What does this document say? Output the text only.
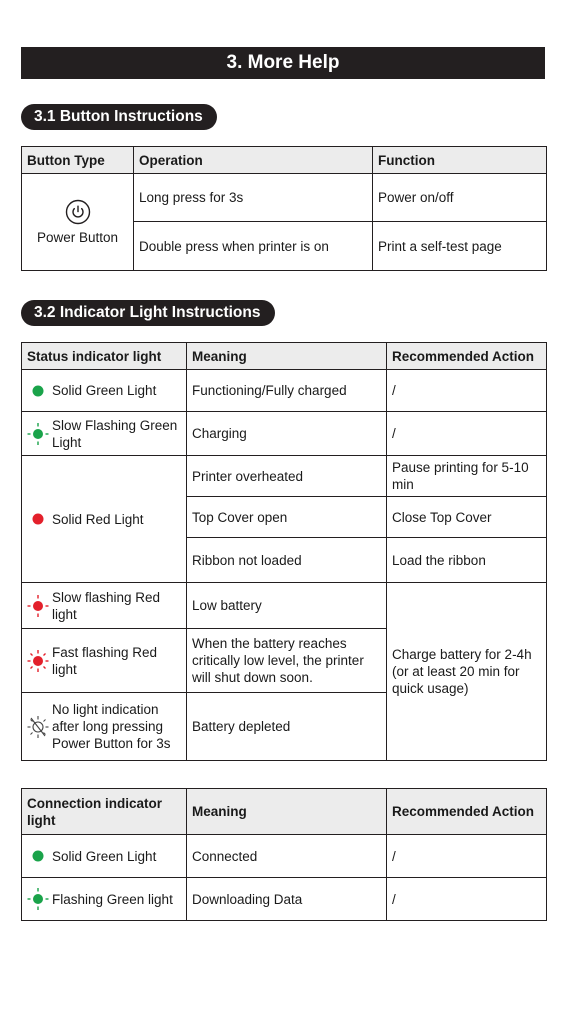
3. More Help
3.1 Button Instructions
Button Type	Operation	Function

Power Button	Long press for 3s	Power on/off
	Double press when printer is on	Print a self-test page
3.2 Indicator Light Instructions
Status indicator light	Meaning	Recommended Action

Solid Green Light	Functioning/Fully charged	/

Slow Flashing Green Light	Charging	/

Solid Red Light	Printer overheated	Pause printing for 5-10 min
	Top Cover open	Close Top Cover
	Ribbon not loaded	Load the ribbon

Slow flashing Red light	Low battery	Charge battery for 2-4h (or at least 20 min for quick usage)

Fast flashing Red light	When the battery reaches critically low level, the printer will shut down soon.	

No light indication after long pressing Power Button for 3s	Battery depleted	
Connection indicator light	Meaning	Recommended Action

Solid Green Light	Connected	/

Flashing Green light	Downloading Data	/
